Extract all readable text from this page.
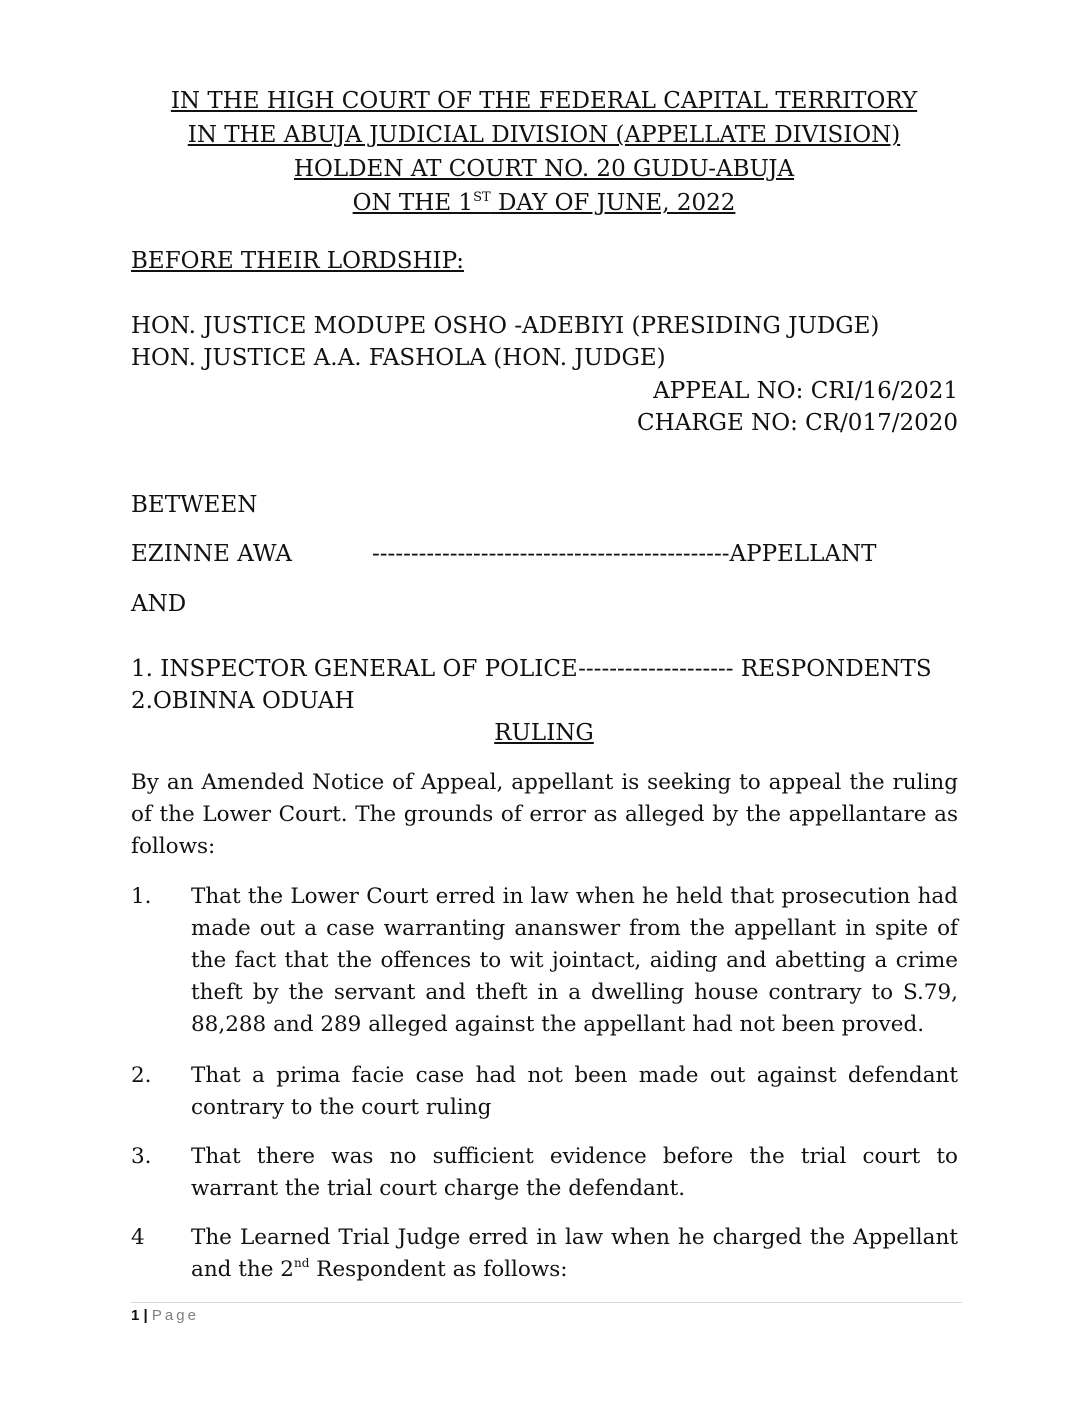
IN THE HIGH COURT OF THE FEDERAL CAPITAL TERRITORY
IN THE ABUJA JUDICIAL DIVISION (APPELLATE DIVISION)
HOLDEN AT COURT NO. 20 GUDU-ABUJA
ON THE 1ST DAY OF JUNE, 2022
BEFORE THEIR LORDSHIP:
HON. JUSTICE MODUPE OSHO -ADEBIYI (PRESIDING JUDGE)
HON. JUSTICE A.A. FASHOLA (HON. JUDGE)
APPEAL NO: CRI/16/2021
CHARGE NO: CR/017/2020
BETWEEN
EZINNE AWA	----------------------------------------------APPELLANT
AND
1. INSPECTOR GENERAL OF POLICE-------------------- RESPONDENTS
2.OBINNA ODUAH
RULING
By an Amended Notice of Appeal, appellant is seeking to appeal the ruling of the Lower Court. The grounds of error as alleged by the appellantare as follows:
1. That the Lower Court erred in law when he held that prosecution had made out a case warranting ananswer from the appellant in spite of the fact that the offences to wit jointact, aiding and abetting a crime theft by the servant and theft in a dwelling house contrary to S.79, 88,288 and 289 alleged against the appellant had not been proved.
2. That a prima facie case had not been made out against defendant contrary to the court ruling
3. That there was no sufficient evidence before the trial court to warrant the trial court charge the defendant.
4 The Learned Trial Judge erred in law when he charged the Appellant and the 2nd Respondent as follows:
1 | Page
